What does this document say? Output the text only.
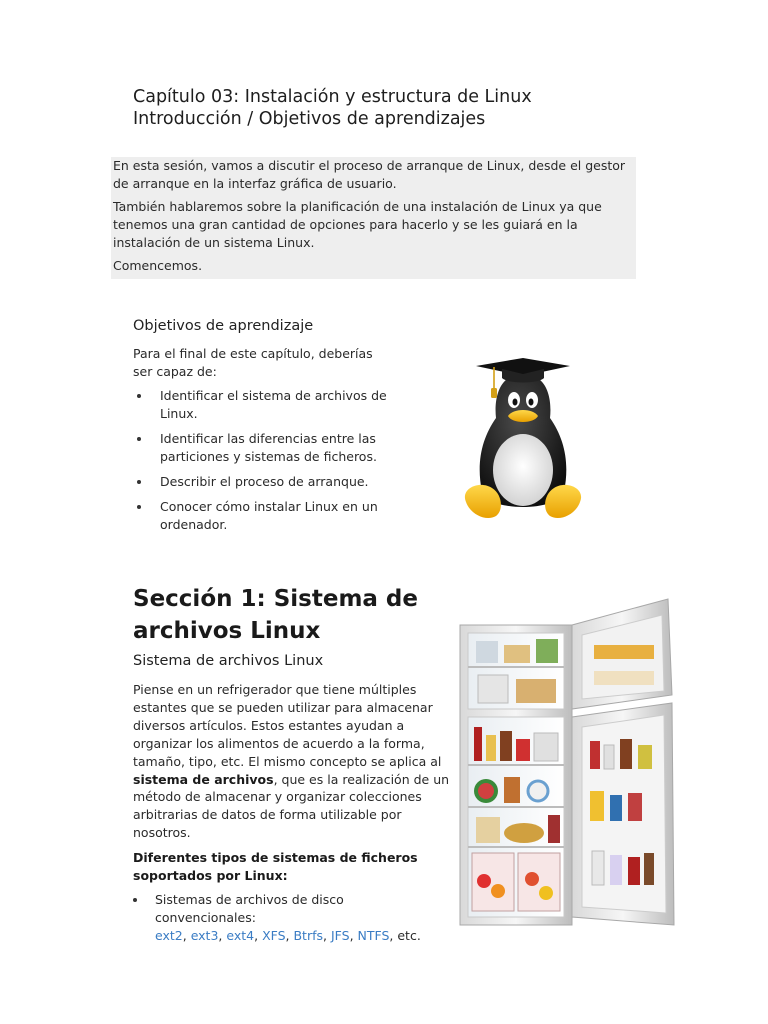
Capítulo 03: Instalación y estructura de Linux
Introducción / Objetivos de aprendizajes

En esta sesión, vamos a discutir el proceso de arranque de Linux, desde el gestor de arranque en la interfaz gráfica de usuario.

También hablaremos sobre la planificación de una instalación de Linux ya que tenemos una gran cantidad de opciones para hacerlo y se les guiará en la instalación de un sistema Linux.

Comencemos.

Objetivos de aprendizaje

Para el final de este capítulo, deberías ser capaz de:

Identificar el sistema de archivos de Linux.
Identificar las diferencias entre las particiones y sistemas de ficheros.
Describir el proceso de arranque.
Conocer cómo instalar Linux en un ordenador.
Sección 1: Sistema de archivos Linux
Sistema de archivos Linux

Piense en un refrigerador que tiene múltiples estantes que se pueden utilizar para almacenar diversos artículos. Estos estantes ayudan a organizar los alimentos de acuerdo a la forma, tamaño, tipo, etc. El mismo concepto se aplica al sistema de archivos, que es la realización de un método de almacenar y organizar colecciones arbitrarias de datos de forma utilizable por nosotros.

Diferentes tipos de sistemas de ficheros soportados por Linux:

Sistemas de archivos de disco convencionales:
ext2, ext3, ext4, XFS, Btrfs, JFS, NTFS, etc.
